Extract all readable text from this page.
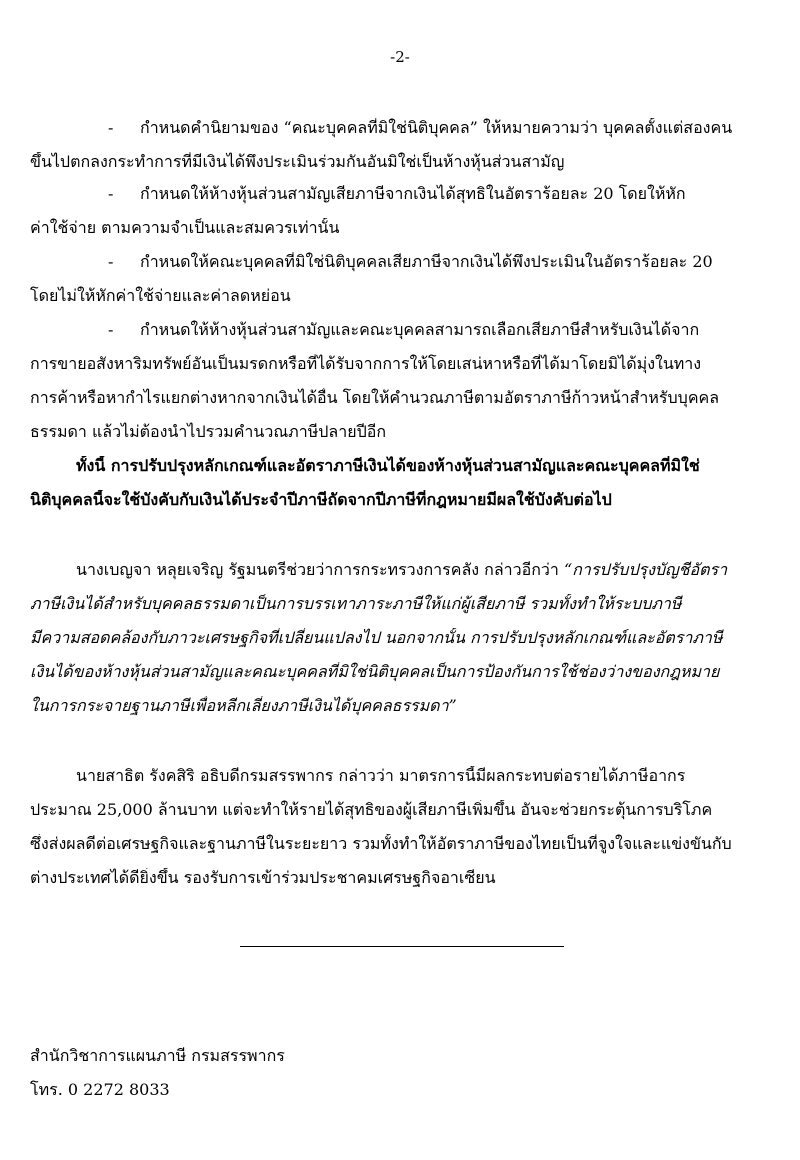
-2-
- กำหนดคำนิยามของ “คณะบุคคลที่มิใช่นิติบุคคล” ให้หมายความว่า บุคคลตั้งแต่สองคน
ขึ้นไปตกลงกระทำการที่มีเงินได้พึงประเมินร่วมกันอันมิใช่เป็นห้างหุ้นส่วนสามัญ
- กำหนดให้ห้างหุ้นส่วนสามัญเสียภาษีจากเงินได้สุทธิในอัตราร้อยละ 20 โดยให้หัก
ค่าใช้จ่าย ตามความจำเป็นและสมควรเท่านั้น
- กำหนดให้คณะบุคคลที่มิใช่นิติบุคคลเสียภาษีจากเงินได้พึงประเมินในอัตราร้อยละ 20
โดยไม่ให้หักค่าใช้จ่ายและค่าลดหย่อน
- กำหนดให้ห้างหุ้นส่วนสามัญและคณะบุคคลสามารถเลือกเสียภาษีสำหรับเงินได้จาก
การขายอสังหาริมทรัพย์อันเป็นมรดกหรือที่ได้รับจากการให้โดยเสน่หาหรือที่ได้มาโดยมิได้มุ่งในทาง
การค้าหรือหากำไรแยกต่างหากจากเงินได้อื่น โดยให้คำนวณภาษีตามอัตราภาษีก้าวหน้าสำหรับบุคคล
ธรรมดา แล้วไม่ต้องนำไปรวมคำนวณภาษีปลายปีอีก
ทั้งนี้ การปรับปรุงหลักเกณฑ์และอัตราภาษีเงินได้ของห้างหุ้นส่วนสามัญและคณะบุคคลที่มิใช่
นิติบุคคลนี้จะใช้บังคับกับเงินได้ประจำปีภาษีถัดจากปีภาษีที่กฎหมายมีผลใช้บังคับต่อไป
นางเบญจา หลุยเจริญ รัฐมนตรีช่วยว่าการกระทรวงการคลัง กล่าวอีกว่า “การปรับปรุงบัญชีอัตรา
ภาษีเงินได้สำหรับบุคคลธรรมดาเป็นการบรรเทาภาระภาษีให้แก่ผู้เสียภาษี รวมทั้งทำให้ระบบภาษี
มีความสอดคล้องกับภาวะเศรษฐกิจที่เปลี่ยนแปลงไป นอกจากนั้น การปรับปรุงหลักเกณฑ์และอัตราภาษี
เงินได้ของห้างหุ้นส่วนสามัญและคณะบุคคลที่มิใช่นิติบุคคลเป็นการป้องกันการใช้ช่องว่างของกฎหมาย
ในการกระจายฐานภาษีเพื่อหลีกเลี่ยงภาษีเงินได้บุคคลธรรมดา”
นายสาธิต รังคสิริ อธิบดีกรมสรรพากร กล่าวว่า มาตรการนี้มีผลกระทบต่อรายได้ภาษีอากร
ประมาณ 25,000 ล้านบาท แต่จะทำให้รายได้สุทธิของผู้เสียภาษีเพิ่มขึ้น อันจะช่วยกระตุ้นการบริโภค
ซึ่งส่งผลดีต่อเศรษฐกิจและฐานภาษีในระยะยาว รวมทั้งทำให้อัตราภาษีของไทยเป็นที่จูงใจและแข่งขันกับ
ต่างประเทศได้ดียิ่งขึ้น รองรับการเข้าร่วมประชาคมเศรษฐกิจอาเซียน
สำนักวิชาการแผนภาษี กรมสรรพากร
โทร. 0 2272 8033
